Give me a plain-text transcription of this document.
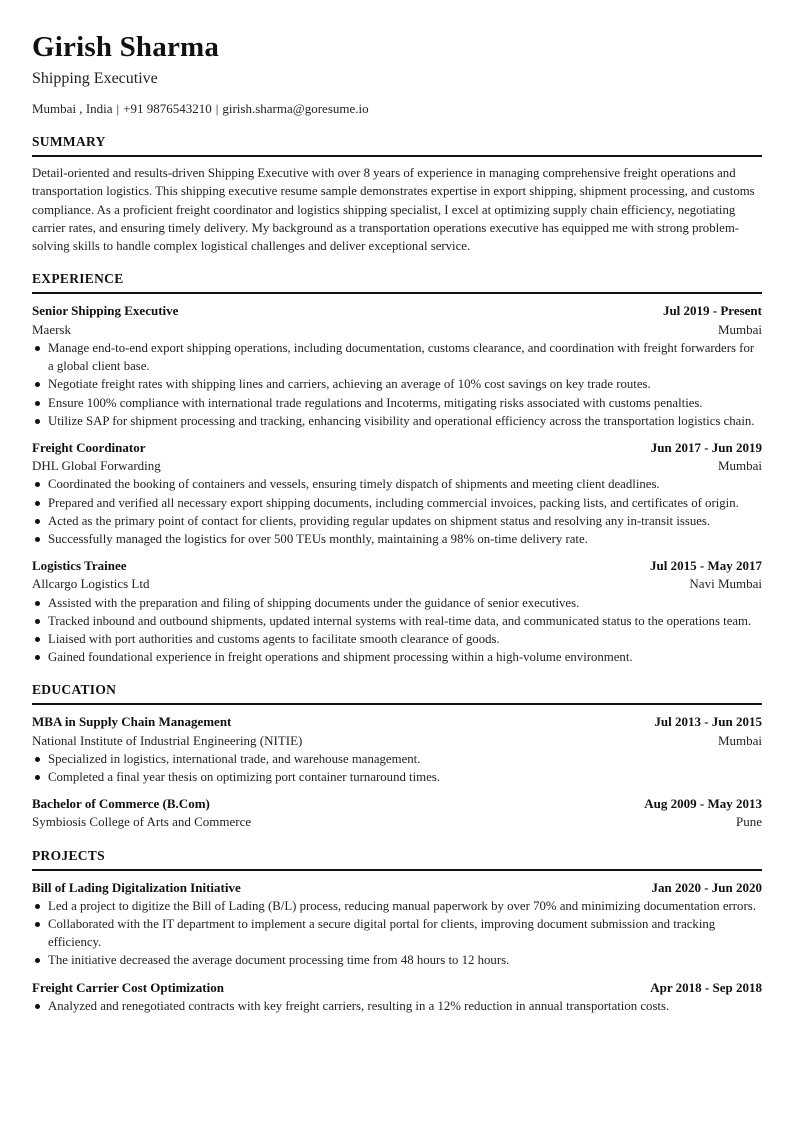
Girish Sharma
Shipping Executive
Mumbai , India | +91 9876543210 | girish.sharma@goresume.io
SUMMARY
Detail-oriented and results-driven Shipping Executive with over 8 years of experience in managing comprehensive freight operations and transportation logistics. This shipping executive resume sample demonstrates expertise in export shipping, shipment processing, and customs compliance. As a proficient freight coordinator and logistics shipping specialist, I excel at optimizing supply chain efficiency, negotiating carrier rates, and ensuring timely delivery. My background as a transportation operations executive has equipped me with strong problem-solving skills to handle complex logistical challenges and deliver exceptional service.
EXPERIENCE
Senior Shipping Executive	Jul 2019 - Present
Maersk	Mumbai
Manage end-to-end export shipping operations, including documentation, customs clearance, and coordination with freight forwarders for a global client base.
Negotiate freight rates with shipping lines and carriers, achieving an average of 10% cost savings on key trade routes.
Ensure 100% compliance with international trade regulations and Incoterms, mitigating risks associated with customs penalties.
Utilize SAP for shipment processing and tracking, enhancing visibility and operational efficiency across the transportation logistics chain.
Freight Coordinator	Jun 2017 - Jun 2019
DHL Global Forwarding	Mumbai
Coordinated the booking of containers and vessels, ensuring timely dispatch of shipments and meeting client deadlines.
Prepared and verified all necessary export shipping documents, including commercial invoices, packing lists, and certificates of origin.
Acted as the primary point of contact for clients, providing regular updates on shipment status and resolving any in-transit issues.
Successfully managed the logistics for over 500 TEUs monthly, maintaining a 98% on-time delivery rate.
Logistics Trainee	Jul 2015 - May 2017
Allcargo Logistics Ltd	Navi Mumbai
Assisted with the preparation and filing of shipping documents under the guidance of senior executives.
Tracked inbound and outbound shipments, updated internal systems with real-time data, and communicated status to the operations team.
Liaised with port authorities and customs agents to facilitate smooth clearance of goods.
Gained foundational experience in freight operations and shipment processing within a high-volume environment.
EDUCATION
MBA in Supply Chain Management	Jul 2013 - Jun 2015
National Institute of Industrial Engineering (NITIE)	Mumbai
Specialized in logistics, international trade, and warehouse management.
Completed a final year thesis on optimizing port container turnaround times.
Bachelor of Commerce (B.Com)	Aug 2009 - May 2013
Symbiosis College of Arts and Commerce	Pune
PROJECTS
Bill of Lading Digitalization Initiative	Jan 2020 - Jun 2020
Led a project to digitize the Bill of Lading (B/L) process, reducing manual paperwork by over 70% and minimizing documentation errors.
Collaborated with the IT department to implement a secure digital portal for clients, improving document submission and tracking efficiency.
The initiative decreased the average document processing time from 48 hours to 12 hours.
Freight Carrier Cost Optimization	Apr 2018 - Sep 2018
Analyzed and renegotiated contracts with key freight carriers, resulting in a 12% reduction in annual transportation costs.
